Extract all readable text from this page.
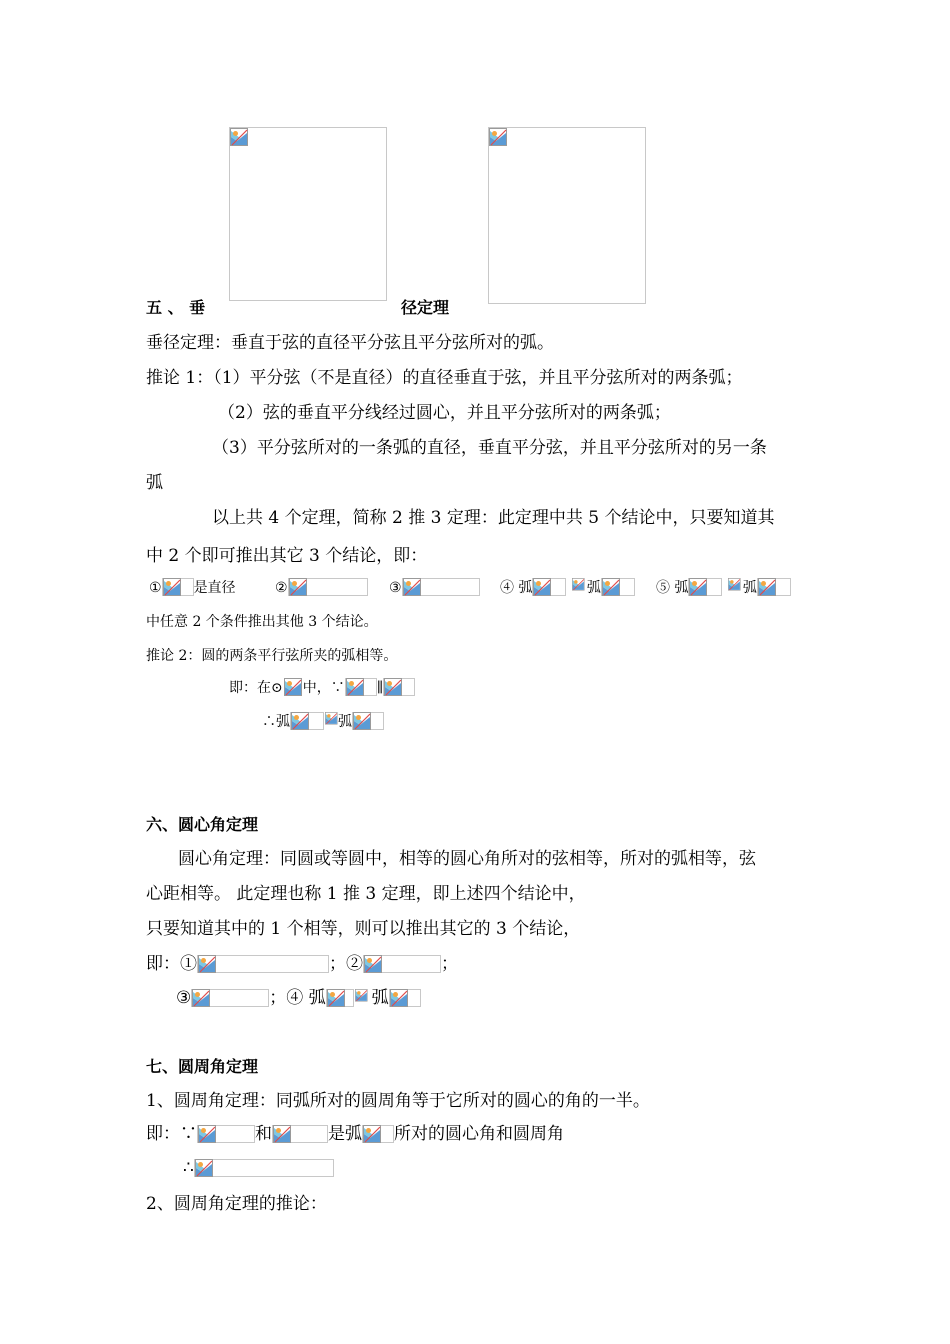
五 、 垂	径定理
垂径定理：垂直于弦的直径平分弦且平分弦所对的弧。
推论 1：（1）平分弦（不是直径）的直径垂直于弦，并且平分弦所对的两条弧；
（2）弦的垂直平分线经过圆心，并且平分弦所对的两条弧；
（3）平分弦所对的一条弧的直径，垂直平分弦，并且平分弦所对的另一条
弧
以上共 4 个定理，简称 2 推 3 定理：此定理中共 5 个结论中，只要知道其
中 2 个即可推出其它 3 个结论，即：
① 是直径	②	③	④ 弧
	弧	⑤ 弧
	弧
中任意 2 个条件推出其他 3 个结论。
推论 2：圆的两条平行弦所夹的弧相等。
即：在⊙ 中，∵ ∥
∴弧	弧
六、圆心角定理
圆心角定理：同圆或等圆中，相等的圆心角所对的弦相等，所对的弧相等，弦
心距相等。 此定理也称 1 推 3 定理，即上述四个结论中，
只要知道其中的 1 个相等，则可以推出其它的 3 个结论，
即：①	；②	；
③	；④ 弧	弧
七、圆周角定理
1、圆周角定理：同弧所对的圆周角等于它所对的圆心的角的一半。
即：∵	和	是弧 所对的圆心角和圆周角
∴
2、圆周角定理的推论：
